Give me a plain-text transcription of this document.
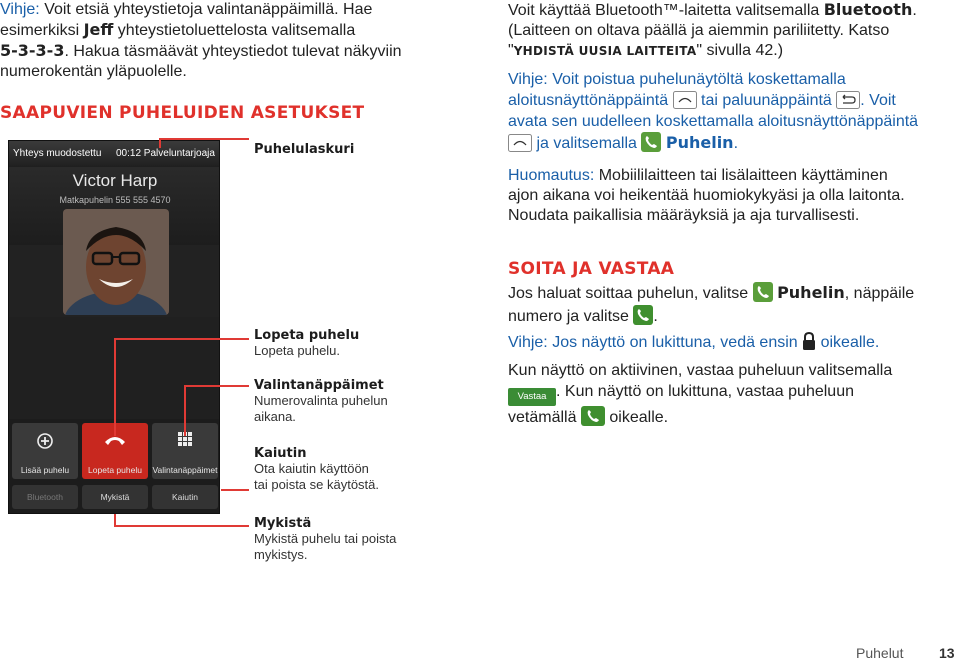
Vihje: Voit etsiä yhteystietoja valintanäppäimillä. Hae
esimerkiksi Jeff yhteystietoluettelosta valitsemalla
5-3-3-3. Hakua täsmäävät yhteystiedot tulevat näkyviin
numerokentän yläpuolelle.
SAAPUVIEN PUHELUIDEN ASETUKSET
Yhteys muodostettu 00:12 Palveluntarjoaja
Victor Harp
Matkapuhelin 555 555 4570
Lisää puhelu	Lopeta puhelu	Valintanäppäimet
Bluetooth	Mykistä	Kaiutin
Puhelulaskuri
Lopeta puhelu
Lopeta puhelu.
Valintanäppäimet
Numerovalinta puhelun
aikana.
Kaiutin
Ota kaiutin käyttöön
tai poista se käytöstä.
Mykistä
Mykistä puhelu tai poista
mykistys.
Voit käyttää Bluetooth™-laitetta valitsemalla Bluetooth.
(Laitteen on oltava päällä ja aiemmin pariliitetty. Katso
"YHDISTÄ UUSIA LAITTEITA" sivulla 42.)
Vihje: Voit poistua puhelunäytöltä koskettamalla
aloitusnäyttönäppäintä tai paluunäppäintä . Voit
avata sen uudelleen koskettamalla aloitusnäyttönäppäintä
ja valitsemalla Puhelin.
Huomautus: Mobiililaitteen tai lisälaitteen käyttäminen
ajon aikana voi heikentää huomiokykyäsi ja olla laitonta.
Noudata paikallisia määräyksiä ja aja turvallisesti.
SOITA JA VASTAA
Jos haluat soittaa puhelun, valitse Puhelin, näppäile
numero ja valitse .
Vihje: Jos näyttö on lukittuna, vedä ensin oikealle.
Kun näyttö on aktiivinen, vastaa puheluun valitsemalla
Vastaa . Kun näyttö on lukittuna, vastaa puheluun
vetämällä oikealle.
Puhelut	13
